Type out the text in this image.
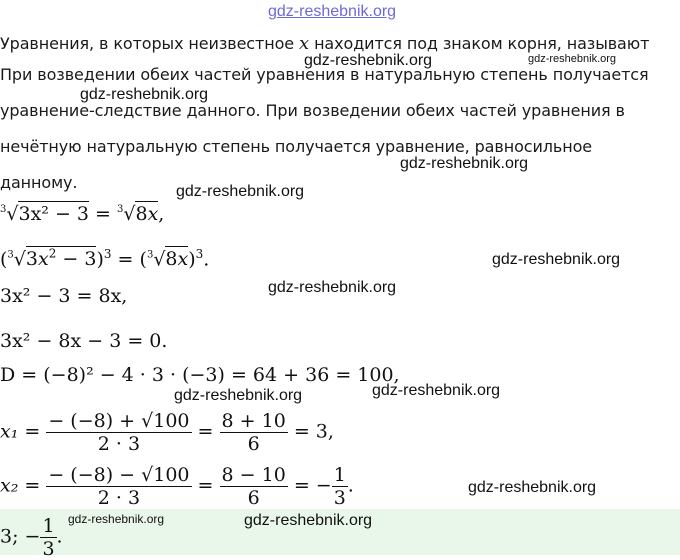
gdz-reshebnik.org
gdz-reshebnik.org	gdz-reshebnik.org
gdz-reshebnik.org
gdz-reshebnik.org
gdz-reshebnik.org
gdz-reshebnik.org
gdz-reshebnik.org
gdz-reshebnik.org	gdz-reshebnik.org
gdz-reshebnik.org
Уравнения, в которых неизвестное x находится под знаком корня, называют
При возведении обеих частей уравнения в натуральную степень получается
уравнение-следствие данного. При возведении обеих частей уравнения в
нечётную натуральную степень получается уравнение, равносильное
данному.
$^3$√3x² − 3 = $^3$√8x,
$(^3√3x^2 - 3)^3 = (^3√8x)^3$.
3x² − 3 = 8x,
3x² − 8x − 3 = 0.
D = (−8)² − 4 · 3 · (−3) = 64 + 36 = 100,
$x_1 = \frac{- (-8) + √100}{2 \cdot 3} = \frac{8 + 10}{6} = 3$,
$x_2 = \frac{- (-8) - √100}{2 \cdot 3} = \frac{8 - 10}{6}$ = − $\frac{1}{3}$ .
3; − $\frac{1}{3}$ .
gdz-reshebnik.org	gdz-reshebnik.org
